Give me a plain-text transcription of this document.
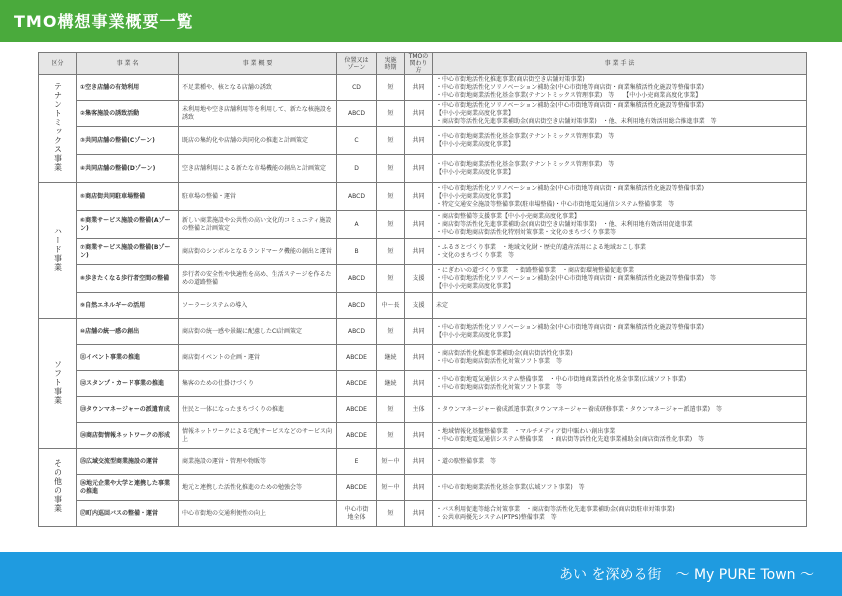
TMO構想事業概要一覧
区分	事 業 名	事 業 概 要	位置又は
ゾーン	実施
時期	TMOの
関わり方	事 業 手 法
テナントミックス事業	①空き店舗の有効利用	不足業種や、核となる店舗の誘致	CD	短	共同	・中心市街地活性化推進事業(商店街空き店舗対策事業)
・中心市街地活性化ソリノベーション補助金(中心市街地等商店街・商業集積活性化施設等整備事業)
・中心市街地商業活性化基金事業(テナントミックス管理事業)　等　　【中小小売商業高度化事業】

	②集客施設の誘致活動	未利用地や空き店舗利用等を利用して、新たな核施設を誘致	ABCD	短	共同	・中心市街地活性化ソリノベーション補助金(中心市街地等商店街・商業集積活性化施設等整備事業)
【中小小売商業高度化事業】
・商店街等活性化先進事業補助金(商店街空き店舗対策事業)　・他、未利用地有効活用総合推進事業　等

	③共同店舗の整備(Cゾーン)	既店の集約化や店舗の共同化の推進と計画策定	C	短	共同	・中心市街地商業活性化基金事業(テナントミックス管理事業)　等
【中小小売商業高度化事業】

	④共同店舗の整備(Dゾーン)	空き店舗利用による新たな市場機能の創出と計画策定	D	短	共同	・中心市街地商業活性化基金事業(テナントミックス管理事業)　等
【中小小売商業高度化事業】

ハード事業	⑤商店街共同駐車場整備	駐車場の整備・運営	ABCD	短	共同	・中心市街地活性化ソリノベーション補助金(中心市街地等商店街・商業集積活性化施設等整備事業)
【中小小売商業高度化事業】
・特定交通安全施設等整備事業(駐車場整備)・中心市街地電気通信システム整備事業　等

	⑥商業サービス施設の整備(Aゾーン)	新しい商業施設や公共性の高い文化的コミュニティ施設の整備と計画策定	A	短	共同	・商店街整備等支援事業【中小小売商業高度化事業】
・商店街等活性化先進事業補助金(商店街空き店舗対策事業)　・他、未利用地有効活用促進事業
・中心市街地商店街活性化特別対策事業・文化のまちづくり事業等

	⑦商業サービス施設の整備(Bゾーン)	商店街のシンボルとなるランドマーク機能の創出と運営	B	短	共同	・ふるさとづくり事業　・地域文化財・歴史的遺産活用による地域おこし事業
・文化のまちづくり事業　等

	⑧歩きたくなる歩行者空間の整備	歩行者の安全性や快適性を高め、生活ステージを作るための道路整備	ABCD	短	支援	・にぎわいの道づくり事業　・街路整備事業　・商店街環境整備促進事業
・中心市街地活性化ソリノベーション補助金(中心市街地等商店街・商業集積活性化施設等整備事業)　等
【中小小売商業高度化事業】

	⑨自然エネルギーの活用	ソーラーシステムの導入	ABCD	中〜長	支援	未定

ソフト事業	⑩店舗の統一感の創出	商店街の統一感や景観に配慮したCI計画策定	ABCD	短	共同	・中心市街地活性化ソリノベーション補助金(中心市街地等商店街・商業集積活性化施設等整備事業)
【中小小売商業高度化事業】

	⑪イベント事業の推進	商店街イベントの企画・運営	ABCDE	継続	共同	・商店街活性化推進事業補助金(商店街活性化事業)
・中心市街地商店街活性化対策ソフト事業　等

	⑫スタンプ・カード事業の推進	集客のための仕掛けづくり	ABCDE	継続	共同	・中心市街地電気通信システム整備事業　・中心市街地商業活性化基金事業(広域ソフト事業)
・中心市街地商店街活性化対策ソフト事業　等

	⑬タウンマネージャーの派遣育成	住民と一体になったまちづくりの推進	ABCDE	短	主体	・タウンマネージャー養成派遣事業(タウンマネージャー養成研修事業・タウンマネージャー派遣事業)　等

	⑭商店街情報ネットワークの形成	情報ネットワークによる宅配サービスなどのサービス向上	ABCDE	短	共同	・地域情報化基盤整備事業　・マルチメディア街中賑わい創出事業
・中心市街地電気通信システム整備事業　・商店街等活性化先進事業補助金(商店街活性化事業)　等

その他の事業	⑮広域交流型商業施設の運営	商業施設の運営・管理や物販等	E	短〜中	共同	・道の駅整備事業　等

	⑯地元企業や大学と連携した事業の推進	地元と連携した活性化推進のための勉強会等	ABCDE	短〜中	共同	・中心市街地商業活性化基金事業(広域ソフト事業)　等

	⑰町内巡回バスの整備・運営	中心市街地の交通利便性の向上	中心市街
地全体	短	共同	・バス利用促進等総合対策事業　・商店街等活性化先進事業補助金(商店街駐車対策事業)
・公共車両優先システム(PTPS)整備事業　等
あい を深める街　～ My PURE Town ～
